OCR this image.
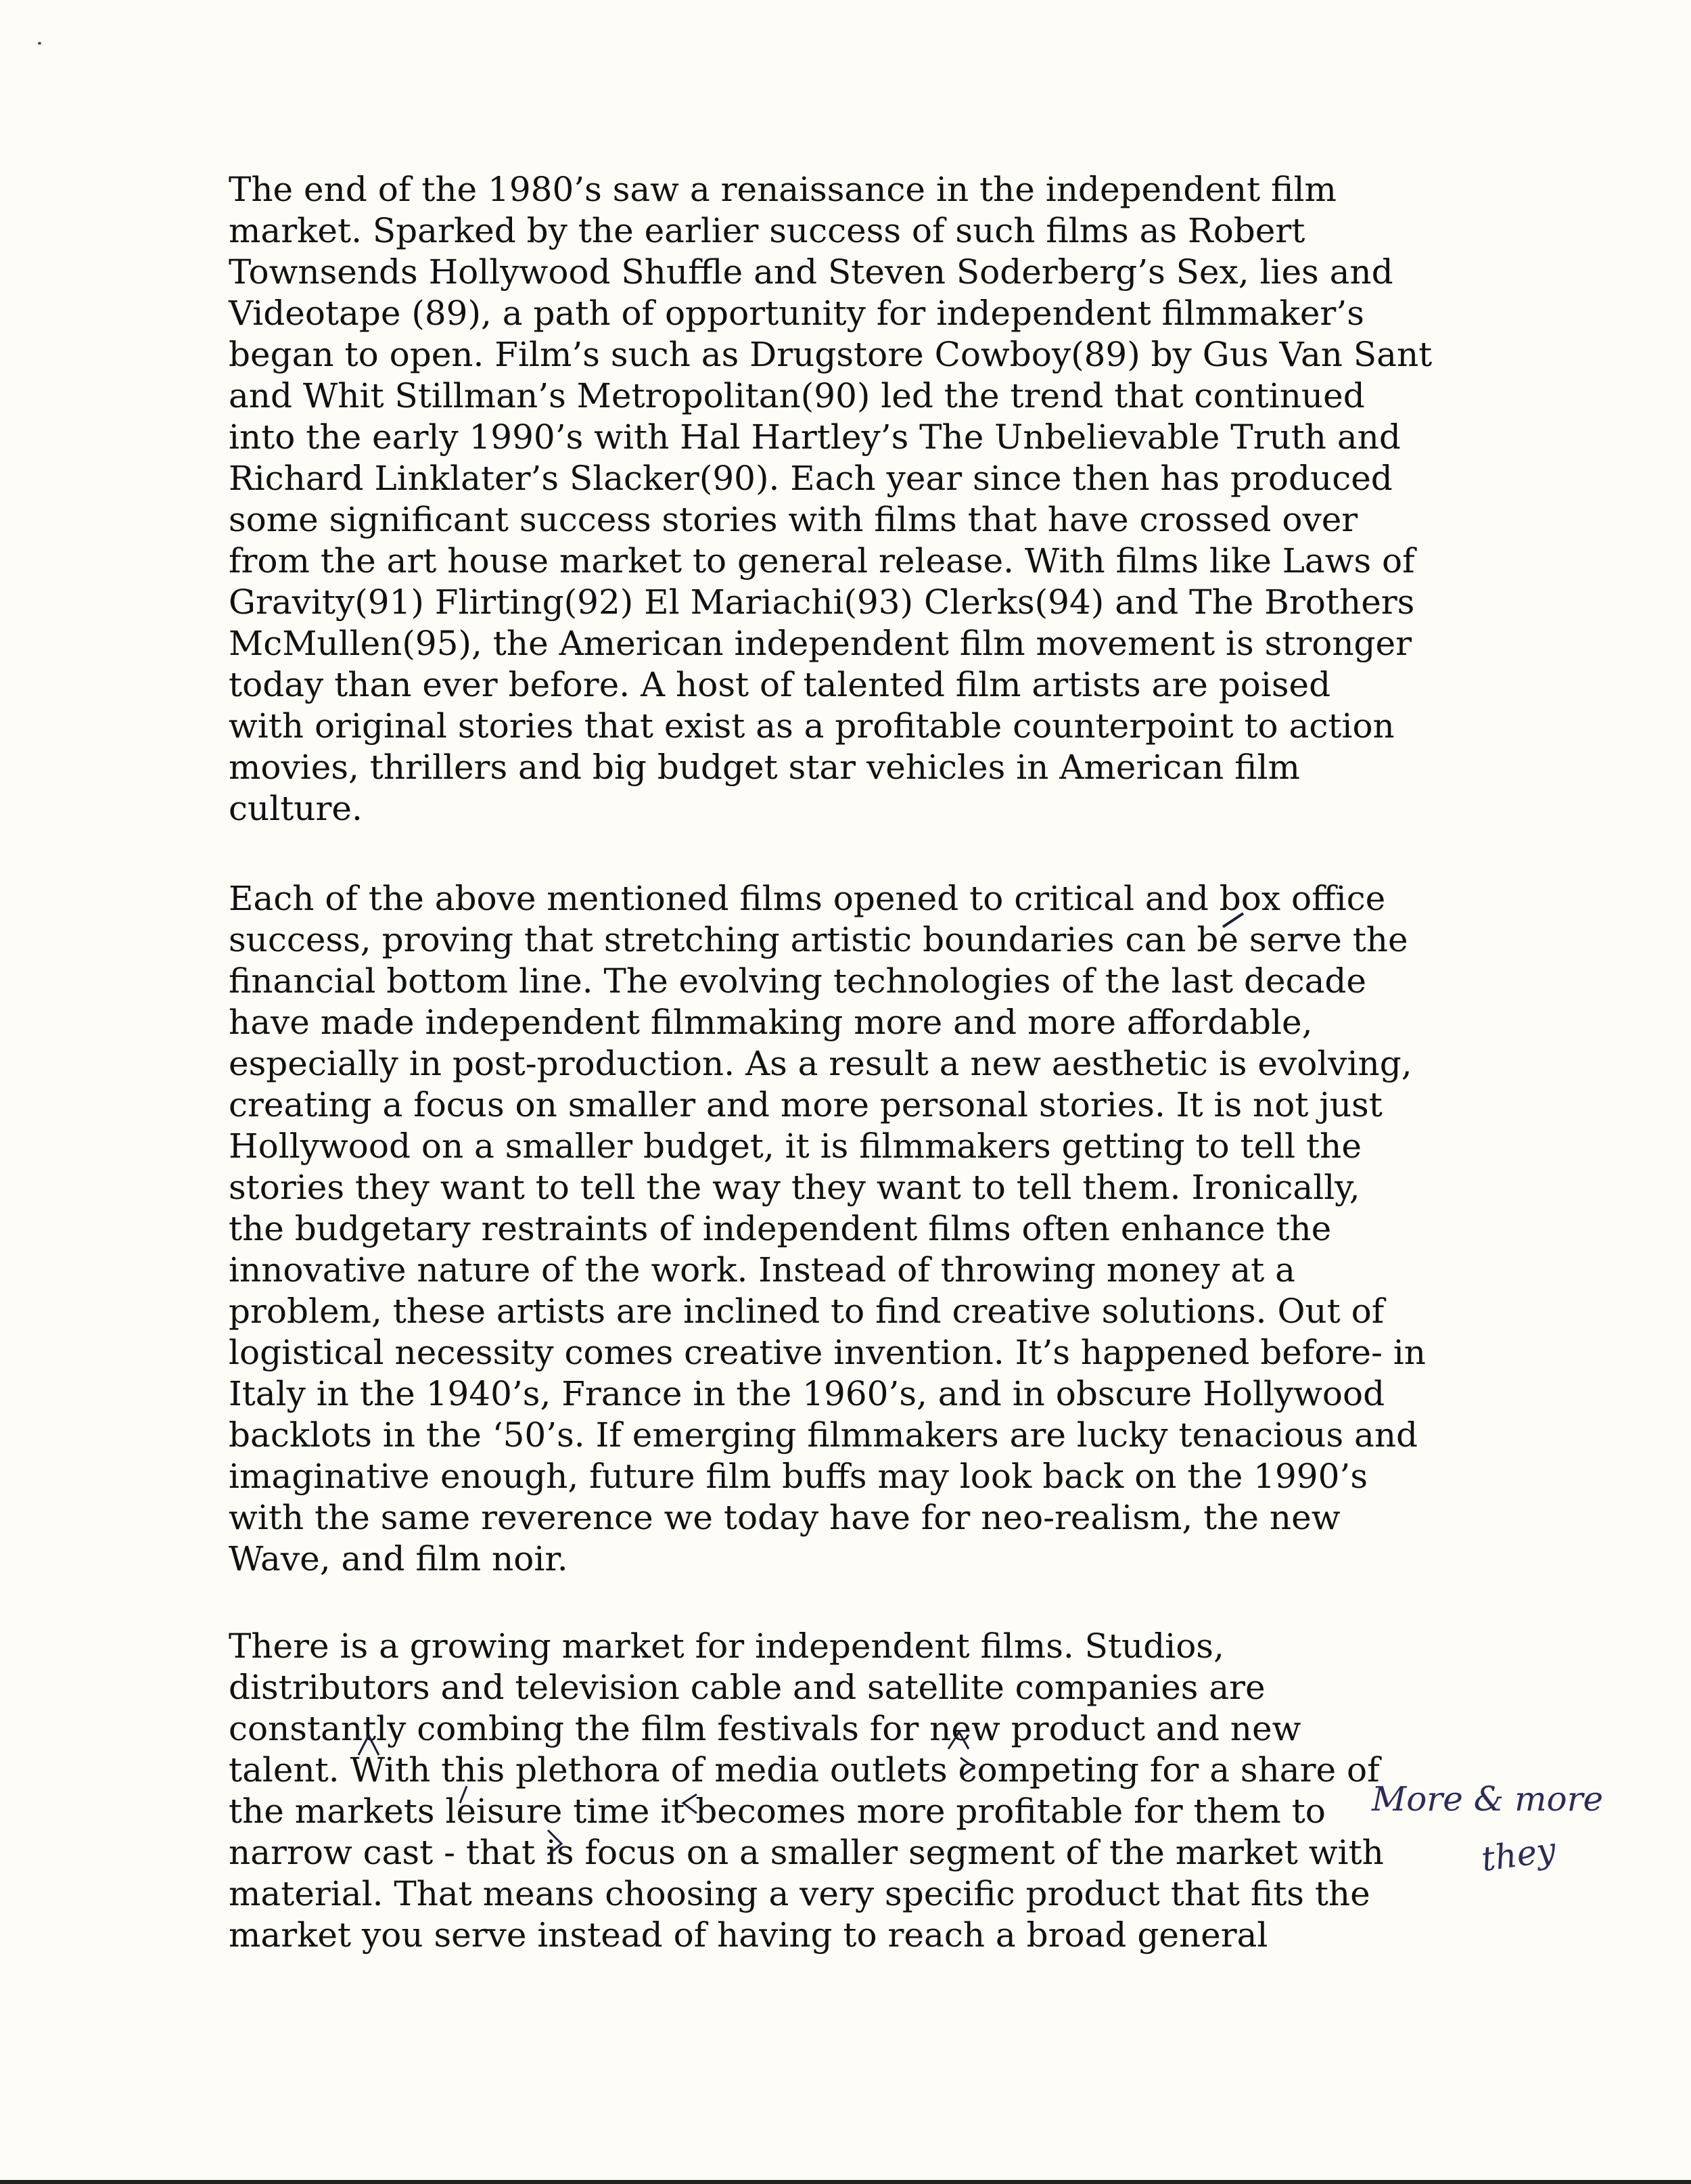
The end of the 1980’s saw a renaissance in the independent film
market. Sparked by the earlier success of such films as Robert
Townsends Hollywood Shuffle and Steven Soderberg’s Sex, lies and
Videotape (89), a path of opportunity for independent filmmaker’s
began to open. Film’s such as Drugstore Cowboy(89) by Gus Van Sant
and Whit Stillman’s Metropolitan(90) led the trend that continued
into the early 1990’s with Hal Hartley’s The Unbelievable Truth and
Richard Linklater’s Slacker(90). Each year since then has produced
some significant success stories with films that have crossed over
from the art house market to general release. With films like Laws of
Gravity(91) Flirting(92) El Mariachi(93) Clerks(94) and The Brothers
McMullen(95), the American independent film movement is stronger
today than ever before. A host of talented film artists are poised
with original stories that exist as a profitable counterpoint to action
movies, thrillers and big budget star vehicles in American film
culture.
Each of the above mentioned films opened to critical and box office
success, proving that stretching artistic boundaries can be serve the
financial bottom line. The evolving technologies of the last decade
have made independent filmmaking more and more affordable,
especially in post-production. As a result a new aesthetic is evolving,
creating a focus on smaller and more personal stories. It is not just
Hollywood on a smaller budget, it is filmmakers getting to tell the
stories they want to tell the way they want to tell them. Ironically,
the budgetary restraints of independent films often enhance the
innovative nature of the work. Instead of throwing money at a
problem, these artists are inclined to find creative solutions. Out of
logistical necessity comes creative invention. It’s happened before- in
Italy in the 1940’s, France in the 1960’s, and in obscure Hollywood
backlots in the ‘50’s. If emerging filmmakers are lucky tenacious and
imaginative enough, future film buffs may look back on the 1990’s
with the same reverence we today have for neo-realism, the new
Wave, and film noir.
There is a growing market for independent films. Studios,
distributors and television cable and satellite companies are
constantly combing the film festivals for new product and new
talent. With this plethora of media outlets competing for a share of
the markets leisure time it becomes more profitable for them to
narrow cast - that is focus on a smaller segment of the market with
material. That means choosing a very specific product that fits the
market you serve instead of having to reach a broad general
More & more
they
